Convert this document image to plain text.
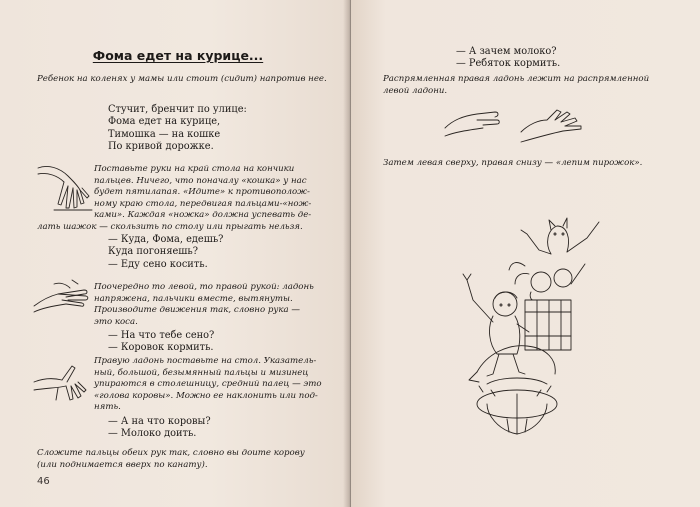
Фома едет на курице...
Ребенок на коленях у мамы или стоит (сидит) напротив нее.
Стучит, бренчит по улице:
Фома едет на курице,
Тимошка — на кошке
По кривой дорожке.
Поставьте руки на край стола на кончики
пальцев. Ничего, что поначалу «кошка» у нас
будет пятилапая. «Идите» к противополож-
ному краю стола, передвигая пальцами-«нож-
ками». Каждая «ножка» должна успевать де-
лать шажок — скользить по столу или прыгать нельзя.
— Куда, Фома, едешь?
Куда погоняешь?
— Еду сено косить.
Поочередно то левой, то правой рукой: ладонь
напряжена, пальчики вместе, вытянуты.
Производите движения так, словно рука —
это коса.
— На что тебе сено?
— Коровок кормить.
Правую ладонь поставьте на стол. Указатель-
ный, большой, безымянный пальцы и мизинец
упираются в столешницу, средний палец — это
«голова коровы». Можно ее наклонить или под-
нять.
— А на что коровы?
— Молоко доить.
Сложите пальцы обеих рук так, словно вы доите корову
(или поднимается вверх по канату).
46
— А зачем молоко?
— Ребяток кормить.
Распрямленная правая ладонь лежит на распрямленной
левой ладони.
Затем левая сверху, правая снизу — «лепим пирожок».
